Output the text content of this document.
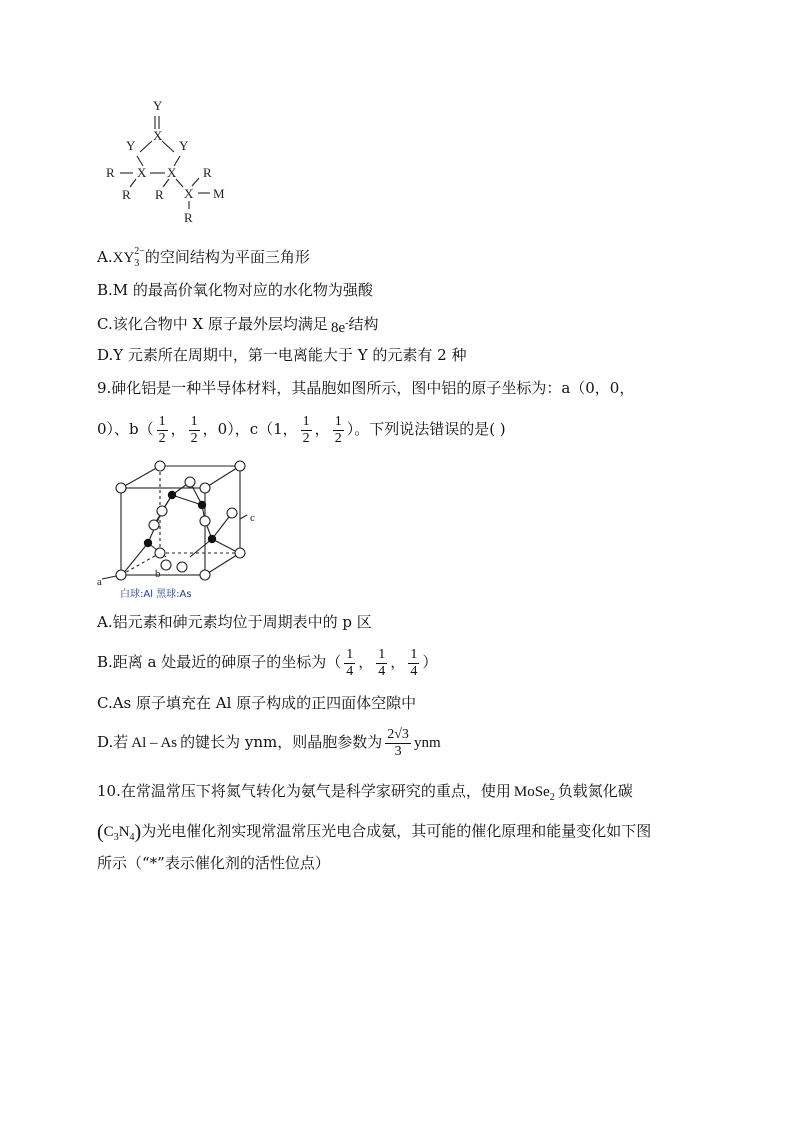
Y
X
Y	Y
R X X R
R R X M
R
$A.XY_3^{2-}$的空间结构为平面三角形
B.M 的最高价氧化物对应的水化物为强酸
C.该化合物中 X 原子最外层均满足 8e-结构
D.Y 元素所在周期中，第一电离能大于 Y 的元素有 2 种
9.砷化铝是一种半导体材料，其晶胞如图所示，图中铝的原子坐标为：a（0，0，
0）、$b( \frac{1}{2}$ ， $\frac{1}{2}$ ，0），c（1， $\frac{1}{2}$ ， $\frac{1}{2}$ ）。下列说法错误的是( )
a
b
c
白球:Al 黑球:As
A.铝元素和砷元素均位于周期表中的 p 区
B.距离 a 处最近的砷原子的坐标为（ $\frac{1}{4}$ ， $\frac{1}{4}$ ， $\frac{1}{4}$ ）
C.As 原子填充在 Al 原子构成的正四面体空隙中
D.若 Al – As 的键长为 ynm，则晶胞参数为 $\frac{2√3}{3}$ ynm
10.在常温常压下将氮气转化为氨气是科学家研究的重点，使用 MoSe$_2$ 负载氮化碳
$(C_3N_4)$为光电催化剂实现常温常压光电合成氨，其可能的催化原理和能量变化如下图
所示（“*”表示催化剂的活性位点）
